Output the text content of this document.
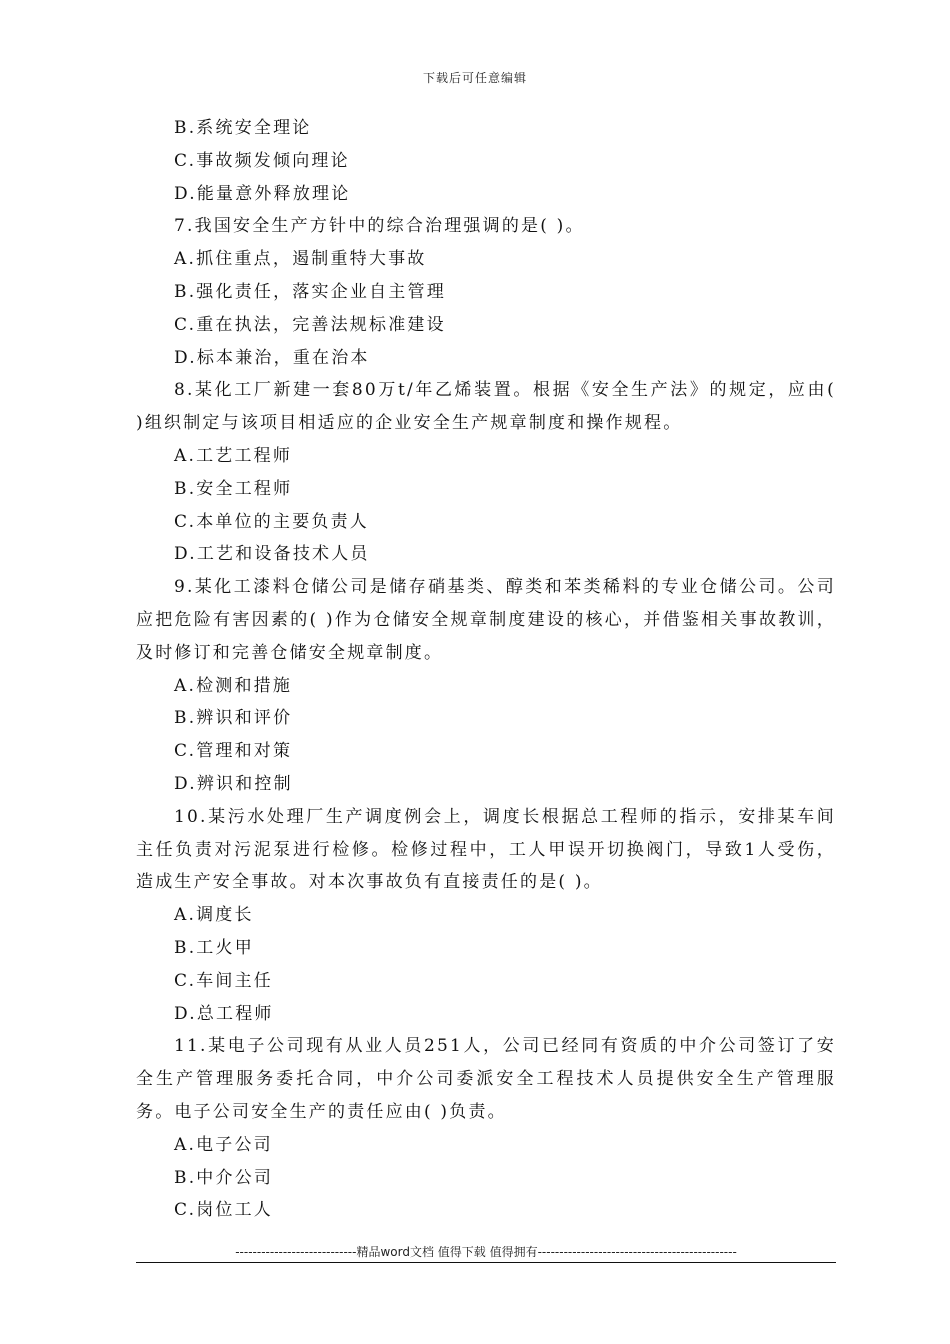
下载后可任意编辑
B.系统安全理论
C.事故频发倾向理论
D.能量意外释放理论
7.我国安全生产方针中的综合治理强调的是( )。
A.抓住重点，遏制重特大事故
B.强化责任，落实企业自主管理
C.重在执法，完善法规标准建设
D.标本兼治，重在治本
8.某化工厂新建一套80万t/年乙烯装置。根据《安全生产法》的规定，应由( )组织制定与该项目相适应的企业安全生产规章制度和操作规程。
A.工艺工程师
B.安全工程师
C.本单位的主要负责人
D.工艺和设备技术人员
9.某化工漆料仓储公司是储存硝基类、醇类和苯类稀料的专业仓储公司。公司应把危险有害因素的( )作为仓储安全规章制度建设的核心，并借鉴相关事故教训，及时修订和完善仓储安全规章制度。
A.检测和措施
B.辨识和评价
C.管理和对策
D.辨识和控制
10.某污水处理厂生产调度例会上，调度长根据总工程师的指示，安排某车间主任负责对污泥泵进行检修。检修过程中，工人甲误开切换阀门，导致1人受伤，造成生产安全事故。对本次事故负有直接责任的是( )。
A.调度长
B.工火甲
C.车间主任
D.总工程师
11.某电子公司现有从业人员251人，公司已经同有资质的中介公司签订了安全生产管理服务委托合同，中介公司委派安全工程技术人员提供安全生产管理服务。电子公司安全生产的责任应由( )负责。
A.电子公司
B.中介公司
C.岗位工人
----------------------------精品word文档 值得下载 值得拥有----------------------------------------------
